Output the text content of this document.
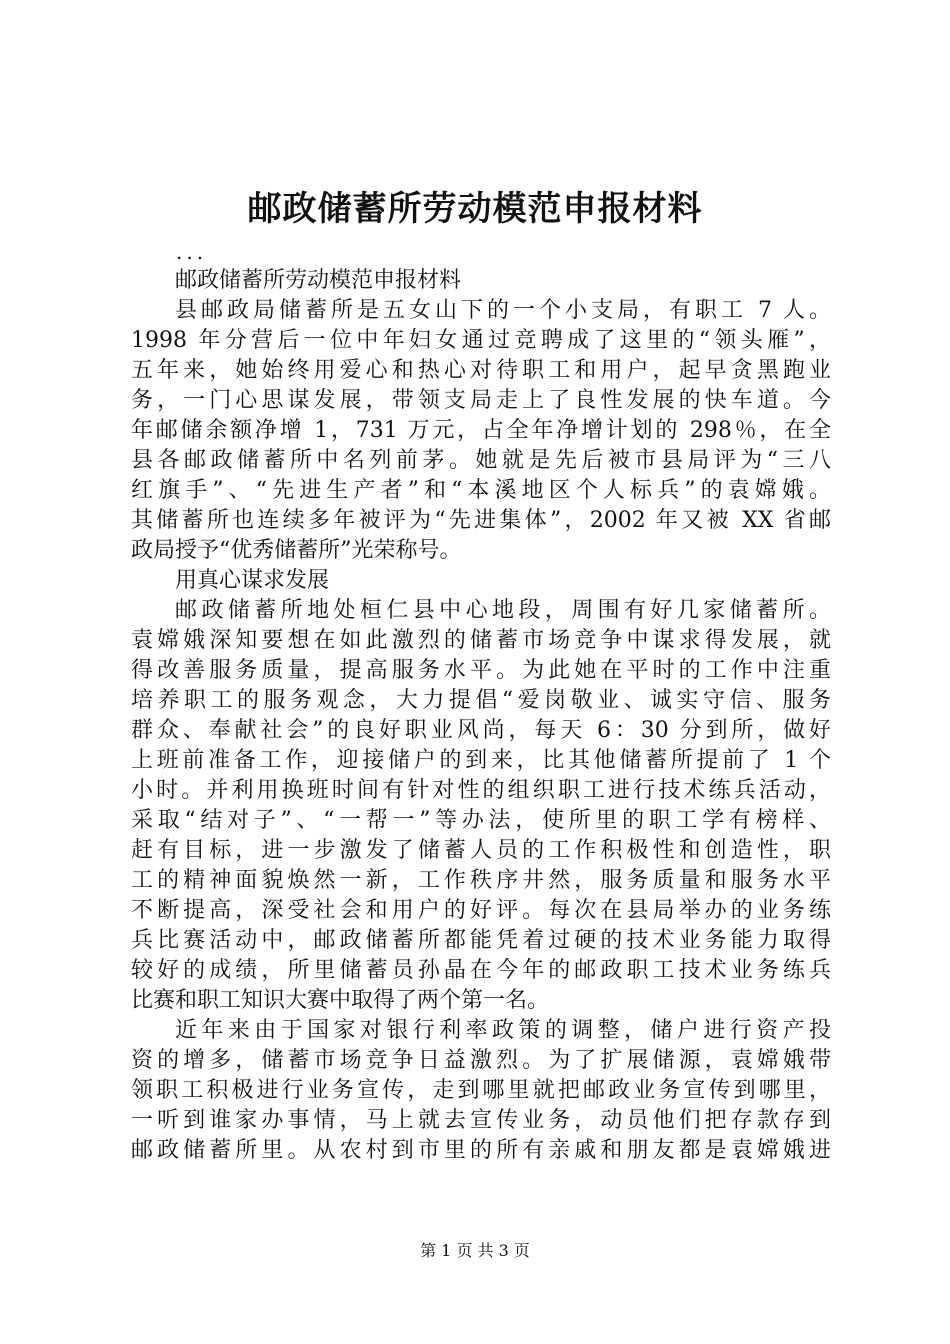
邮政储蓄所劳动模范申报材料
...
邮政储蓄所劳动模范申报材料
县邮政局储蓄所是五女山下的一个小支局，有职工 7 人。
1998 年分营后一位中年妇女通过竞聘成了这里的“领头雁”，
五年来，她始终用爱心和热心对待职工和用户，起早贪黑跑业
务，一门心思谋发展，带领支局走上了良性发展的快车道。今
年邮储余额净增 1，731 万元，占全年净增计划的 298％，在全
县各邮政储蓄所中名列前茅。她就是先后被市县局评为“三八
红旗手”、“先进生产者”和“本溪地区个人标兵”的袁嫦娥。
其储蓄所也连续多年被评为“先进集体”，2002 年又被 XX 省邮
政局授予“优秀储蓄所”光荣称号。
用真心谋求发展
邮政储蓄所地处桓仁县中心地段，周围有好几家储蓄所。
袁嫦娥深知要想在如此激烈的储蓄市场竞争中谋求得发展，就
得改善服务质量，提高服务水平。为此她在平时的工作中注重
培养职工的服务观念，大力提倡“爱岗敬业、诚实守信、服务
群众、奉献社会”的良好职业风尚，每天 6：30 分到所，做好
上班前准备工作，迎接储户的到来，比其他储蓄所提前了 1 个
小时。并利用换班时间有针对性的组织职工进行技术练兵活动，
采取“结对子”、“一帮一”等办法，使所里的职工学有榜样、
赶有目标，进一步激发了储蓄人员的工作积极性和创造性，职
工的精神面貌焕然一新，工作秩序井然，服务质量和服务水平
不断提高，深受社会和用户的好评。每次在县局举办的业务练
兵比赛活动中，邮政储蓄所都能凭着过硬的技术业务能力取得
较好的成绩，所里储蓄员孙晶在今年的邮政职工技术业务练兵
比赛和职工知识大赛中取得了两个第一名。
近年来由于国家对银行利率政策的调整，储户进行资产投
资的增多，储蓄市场竞争日益激烈。为了扩展储源，袁嫦娥带
领职工积极进行业务宣传，走到哪里就把邮政业务宣传到哪里，
一听到谁家办事情，马上就去宣传业务，动员他们把存款存到
邮政储蓄所里。从农村到市里的所有亲戚和朋友都是袁嫦娥进
第 1 页 共 3 页
